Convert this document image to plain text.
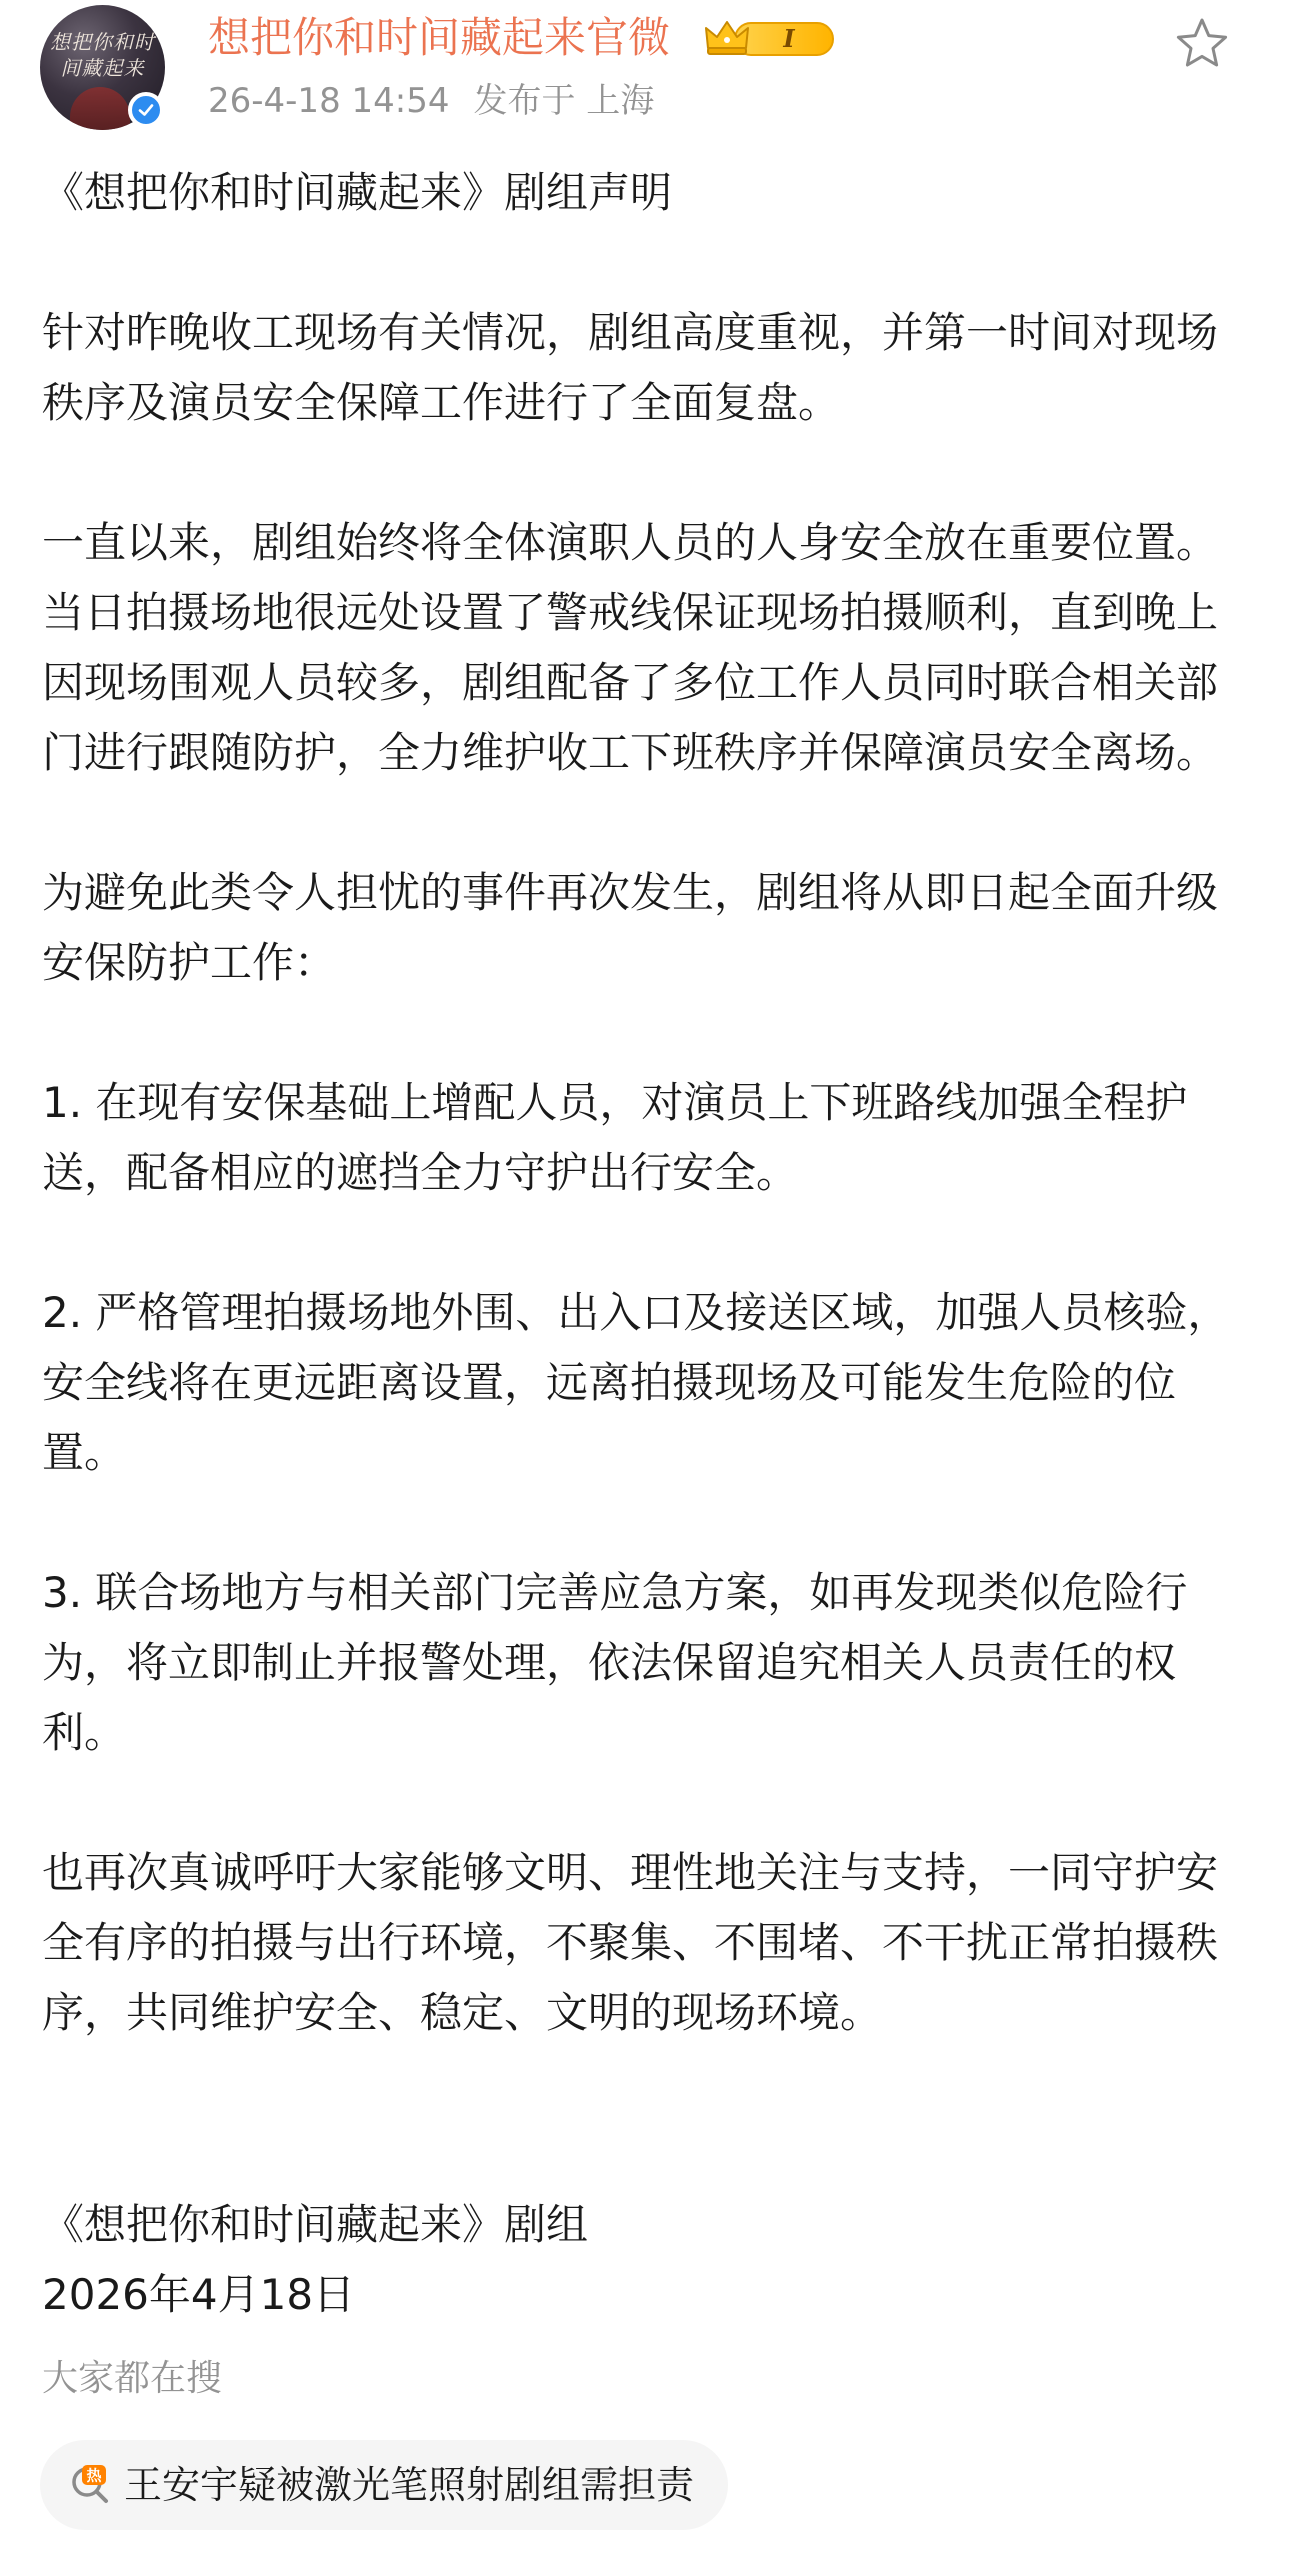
想把你和时间藏起来
想把你和时间藏起来官微	I
26-4-18 14:54 发布于 上海

《想把你和时间藏起来》剧组声明

针对昨晚收工现场有关情况，剧组高度重视，并第一时间对现场秩序及演员安全保障工作进行了全面复盘。

一直以来，剧组始终将全体演职人员的人身安全放在重要位置。当日拍摄场地很远处设置了警戒线保证现场拍摄顺利，直到晚上因现场围观人员较多，剧组配备了多位工作人员同时联合相关部门进行跟随防护，全力维护收工下班秩序并保障演员安全离场。

为避免此类令人担忧的事件再次发生，剧组将从即日起全面升级安保防护工作：

1. 在现有安保基础上增配人员，对演员上下班路线加强全程护送，配备相应的遮挡全力守护出行安全。

2. 严格管理拍摄场地外围、出入口及接送区域，加强人员核验，安全线将在更远距离设置，远离拍摄现场及可能发生危险的位置。

3. 联合场地方与相关部门完善应急方案，如再发现类似危险行为，将立即制止并报警处理，依法保留追究相关人员责任的权利。

也再次真诚呼吁大家能够文明、理性地关注与支持，一同守护安全有序的拍摄与出行环境，不聚集、不围堵、不干扰正常拍摄秩序，共同维护安全、稳定、文明的现场环境。

《想把你和时间藏起来》剧组
2026年4月18日
大家都在搜
热 王安宇疑被激光笔照射剧组需担责
